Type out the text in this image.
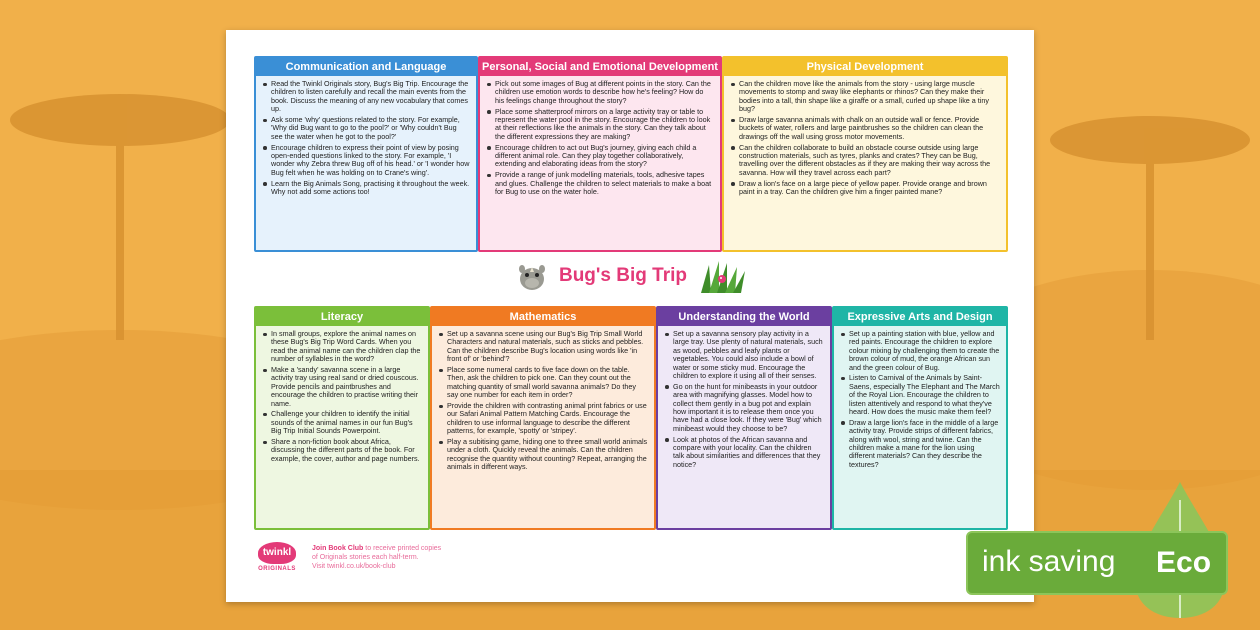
Communication and Language
Read the Twinkl Originals story, Bug's Big Trip. Encourage the children to listen carefully and recall the main events from the book. Discuss the meaning of any new vocabulary that comes up.
Ask some 'why' questions related to the story. For example, 'Why did Bug want to go to the pool?' or 'Why couldn't Bug see the water when he got to the pool?'
Encourage children to express their point of view by posing open-ended questions linked to the story. For example, 'I wonder why Zebra threw Bug off of his head.' or 'I wonder how Bug felt when he was holding on to Crane's wing'.
Learn the Big Animals Song, practising it throughout the week. Why not add some actions too!
Personal, Social and Emotional Development
Pick out some images of Bug at different points in the story. Can the children use emotion words to describe how he's feeling? How do his feelings change throughout the story?
Place some shatterproof mirrors on a large activity tray or table to represent the water pool in the story. Encourage the children to look at their reflections like the animals in the story. Can they talk about the different expressions they are making?
Encourage children to act out Bug's journey, giving each child a different animal role. Can they play together collaboratively, extending and elaborating ideas from the story?
Provide a range of junk modelling materials, tools, adhesive tapes and glues. Challenge the children to select materials to make a boat for Bug to use on the water hole.
Physical Development
Can the children move like the animals from the story - using large muscle movements to stomp and sway like elephants or rhinos? Can they make their bodies into a tall, thin shape like a giraffe or a small, curled up shape like a tiny bug?
Draw large savanna animals with chalk on an outside wall or fence. Provide buckets of water, rollers and large paintbrushes so the children can clean the drawings off the wall using gross motor movements.
Can the children collaborate to build an obstacle course outside using large construction materials, such as tyres, planks and crates? They can be Bug, travelling over the different obstacles as if they are making their way across the savanna. How will they travel across each part?
Draw a lion's face on a large piece of yellow paper. Provide orange and brown paint in a tray. Can the children give him a finger painted mane?
Bug's Big Trip
Literacy
In small groups, explore the animal names on these Bug's Big Trip Word Cards. When you read the animal name can the children clap the number of syllables in the word?
Make a 'sandy' savanna scene in a large activity tray using real sand or dried couscous. Provide pencils and paintbrushes and encourage the children to practise writing their name.
Challenge your children to identify the initial sounds of the animal names in our fun Bug's Big Trip Initial Sounds Powerpoint.
Share a non-fiction book about Africa, discussing the different parts of the book. For example, the cover, author and page numbers.
Mathematics
Set up a savanna scene using our Bug's Big Trip Small World Characters and natural materials, such as sticks and pebbles. Can the children describe Bug's location using words like 'in front of' or 'behind'?
Place some numeral cards to five face down on the table. Then, ask the children to pick one. Can they count out the matching quantity of small world savanna animals? Do they say one number for each item in order?
Provide the children with contrasting animal print fabrics or use our Safari Animal Pattern Matching Cards. Encourage the children to use informal language to describe the different patterns, for example, 'spotty' or 'stripey'.
Play a subitising game, hiding one to three small world animals under a cloth. Quickly reveal the animals. Can the children recognise the quantity without counting? Repeat, arranging the animals in different ways.
Understanding the World
Set up a savanna sensory play activity in a large tray. Use plenty of natural materials, such as wood, pebbles and leafy plants or vegetables. You could also include a bowl of water or some sticky mud. Encourage the children to explore it using all of their senses.
Go on the hunt for minibeasts in your outdoor area with magnifying glasses. Model how to collect them gently in a bug pot and explain how important it is to release them once you have had a close look. If they were 'Bug' which minibeast would they choose to be?
Look at photos of the African savanna and compare with your locality. Can the children talk about similarities and differences that they notice?
Expressive Arts and Design
Set up a painting station with blue, yellow and red paints. Encourage the children to explore colour mixing by challenging them to create the brown colour of mud, the orange African sun and the green colour of Bug.
Listen to Carnival of the Animals by Saint-Saens, especially The Elephant and The March of the Royal Lion. Encourage the children to listen attentively and respond to what they've heard. How does the music make them feel?
Draw a large lion's face in the middle of a large activity tray. Provide strips of different fabrics, along with wool, string and twine. Can the children make a mane for the lion using different materials? Can they describe the textures?
twinkl
ORIGINALS
Join Book Club to receive printed copies
of Originals stories each half-term.
Visit twinkl.co.uk/book-club	ink saving Eco
